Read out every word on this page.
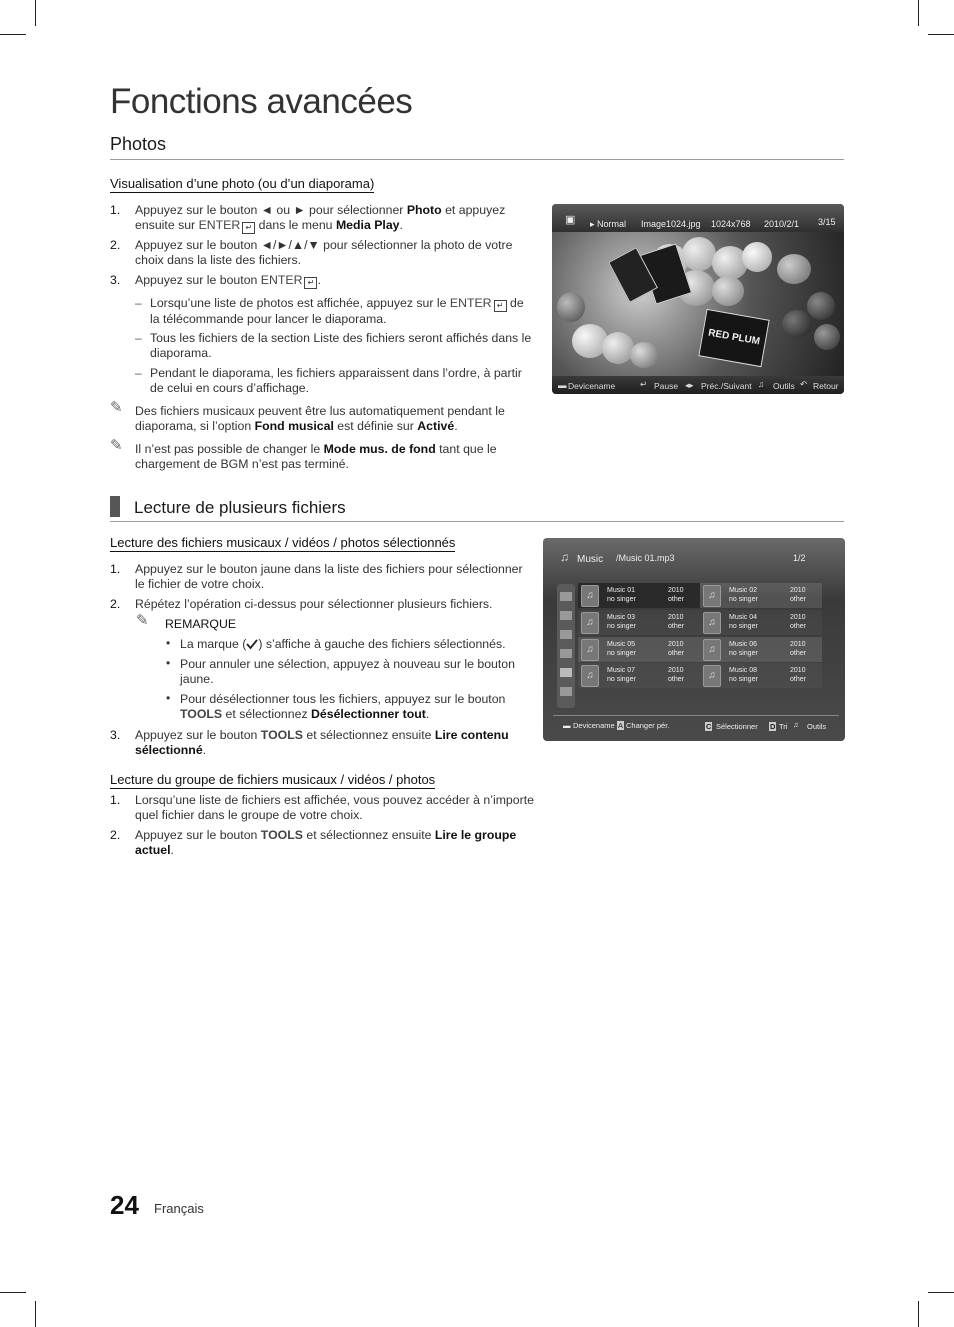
Fonctions avancées
Photos
Visualisation d’une photo (ou d’un diaporama)
1. Appuyez sur le bouton ◄ ou ► pour sélectionner Photo et appuyez
ensuite sur ENTER ↵ dans le menu Media Play.
2. Appuyez sur le bouton ◄/►/▲/▼ pour sélectionner la photo de votre
choix dans la liste des fichiers.
3. Appuyez sur le bouton ENTER ↵ .
– Lorsqu’une liste de photos est affichée, appuyez sur le ENTER ↵ de
la télécommande pour lancer le diaporama.
– Tous les fichiers de la section Liste des fichiers seront affichés dans le
diaporama.
– Pendant le diaporama, les fichiers apparaissent dans l’ordre, à partir
de celui en cours d’affichage.
✎ Des fichiers musicaux peuvent être lus automatiquement pendant le
diaporama, si l’option Fond musical est définie sur Activé.
✎ Il n’est pas possible de changer le Mode mus. de fond tant que le
chargement de BGM n’est pas terminé.
▣ ▸ Normal Image1024.jpg 1024x768 2010/2/1 3/15
RED PLUM
▬ Devicename	↵ Pause ◂▸ Préc./Suivant ♫ Outils ↶ Retour
Lecture de plusieurs fichiers
Lecture des fichiers musicaux / vidéos / photos sélectionnés
1. Appuyez sur le bouton jaune dans la liste des fichiers pour sélectionner
le fichier de votre choix.
2. Répétez l’opération ci-dessus pour sélectionner plusieurs fichiers.
✎ REMARQUE
• La marque ( ) s’affiche à gauche des fichiers sélectionnés.
• Pour annuler une sélection, appuyez à nouveau sur le bouton
jaune.
• Pour désélectionner tous les fichiers, appuyez sur le bouton
TOOLS et sélectionnez Désélectionner tout.
3. Appuyez sur le bouton TOOLS et sélectionnez ensuite Lire contenu
sélectionné.
Lecture du groupe de fichiers musicaux / vidéos / photos
1. Lorsqu’une liste de fichiers est affichée, vous pouvez accéder à n’importe
quel fichier dans le groupe de votre choix.
2. Appuyez sur le bouton TOOLS et sélectionnez ensuite Lire le groupe
actuel.
♫ Music /Music 01.mp3	1/2
♫	Music 01
no singer
2010
other	♫	Music 02
no singer
2010
other
♫	Music 03
no singer
2010
other	♫	Music 04
no singer
2010
other
♫	Music 05
no singer
2010
other	♫	Music 06
no singer
2010
other
♫	Music 07
no singer
2010
other	♫	Music 08
no singer
2010
other
▬ Devicename A Changer pér.	C Sélectionner D Tri ♫ Outils
24 Français
